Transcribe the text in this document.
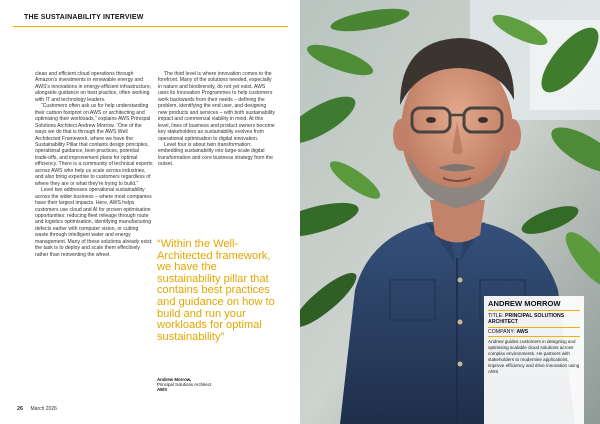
THE SUSTAINABILITY INTERVIEW

clean and efficient cloud operations through Amazon's investments in renewable energy and AWS's innovations in energy-efficient infrastructure, alongside guidance on best practice, often working with IT and technology leaders.

“Customers often ask us for help understanding their carbon footprint on AWS or architecting and optimising their workloads,” explains AWS Principal Solutions Architect Andrew Morrow. “One of the ways we do that is through the AWS Well Architected Framework, where we have the Sustainability Pillar that contains design principles, operational guidance, best-practices, potential trade-offs, and improvement plans for optimal efficiency. There is a community of technical experts across AWS who help us scale across industries, and also bring expertise to customers regardless of where they are or what they're trying to build.”

Level two addresses operational sustainability across the wider business – where most companies have their largest impacts. Here, AWS helps customers use cloud and AI for proven optimisation opportunities: reducing fleet mileage through route and logistics optimisation, identifying manufacturing defects earlier with computer vision, or cutting waste through intelligent water and energy management. Many of these solutions already exist; the task is to deploy and scale them effectively rather than reinventing the wheel.

The third level is where innovation comes to the forefront. Many of the solutions needed, especially in nature and biodiversity, do not yet exist. AWS uses its Innovation Programmes to help customers work backwards from their needs – defining the problem, identifying the end user, and designing new products and services – with both sustainability impact and commercial viability in mind. At this level, lines of business and product owners become key stakeholders as sustainability evolves from operational optimisation to digital innovation.

Level four is about twin transformation: embedding sustainability into large-scale digital transformation and core business strategy from the outset.

“Within the Well-Architected framework, we have the sustainability pillar that contains best practices and guidance on how to build and run your workloads for optimal sustainability”
Andrew Morrow,
Principal Solutions Architect
AWS
26 March 2026
ANDREW MORROW
TITLE: PRINCIPAL SOLUTIONS ARCHITECT
COMPANY: AWS
Andrew guides customers in designing and optimising scalable cloud solutions across complex environments. He partners with stakeholders to modernise applications, improve efficiency and drive innovation using AWS
